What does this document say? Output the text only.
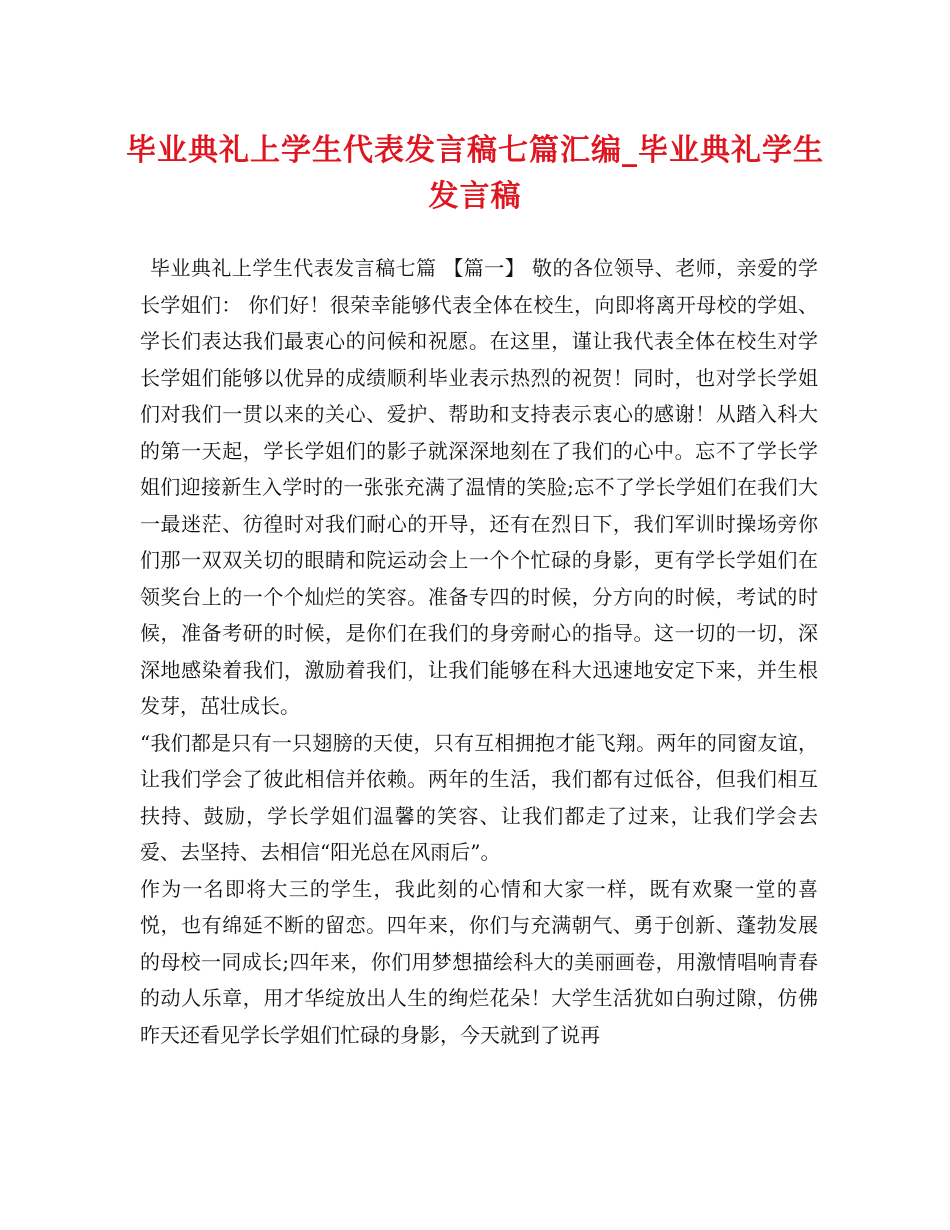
毕业典礼上学生代表发言稿七篇汇编_毕业典礼学生发言稿

毕业典礼上学生代表发言稿七篇 【篇一】 敬的各位领导、老师，亲爱的学长学姐们： 你们好！很荣幸能够代表全体在校生，向即将离开母校的学姐、学长们表达我们最衷心的问候和祝愿。在这里，谨让我代表全体在校生对学长学姐们能够以优异的成绩顺利毕业表示热烈的祝贺！同时，也对学长学姐们对我们一贯以来的关心、爱护、帮助和支持表示衷心的感谢！从踏入科大的第一天起，学长学姐们的影子就深深地刻在了我们的心中。忘不了学长学姐们迎接新生入学时的一张张充满了温情的笑脸;忘不了学长学姐们在我们大一最迷茫、彷徨时对我们耐心的开导，还有在烈日下，我们军训时操场旁你们那一双双关切的眼睛和院运动会上一个个忙碌的身影，更有学长学姐们在领奖台上的一个个灿烂的笑容。准备专四的时候，分方向的时候，考试的时候，准备考研的时候，是你们在我们的身旁耐心的指导。这一切的一切，深深地感染着我们，激励着我们，让我们能够在科大迅速地安定下来，并生根发芽，茁壮成长。

“我们都是只有一只翅膀的天使，只有互相拥抱才能飞翔。两年的同窗友谊，让我们学会了彼此相信并依赖。两年的生活，我们都有过低谷，但我们相互扶持、鼓励，学长学姐们温馨的笑容、让我们都走了过来，让我们学会去爱、去坚持、去相信“阳光总在风雨后”。

作为一名即将大三的学生，我此刻的心情和大家一样，既有欢聚一堂的喜悦，也有绵延不断的留恋。四年来，你们与充满朝气、勇于创新、蓬勃发展的母校一同成长;四年来，你们用梦想描绘科大的美丽画卷，用激情唱响青春的动人乐章，用才华绽放出人生的绚烂花朵！大学生活犹如白驹过隙，仿佛昨天还看见学长学姐们忙碌的身影，今天就到了说再
